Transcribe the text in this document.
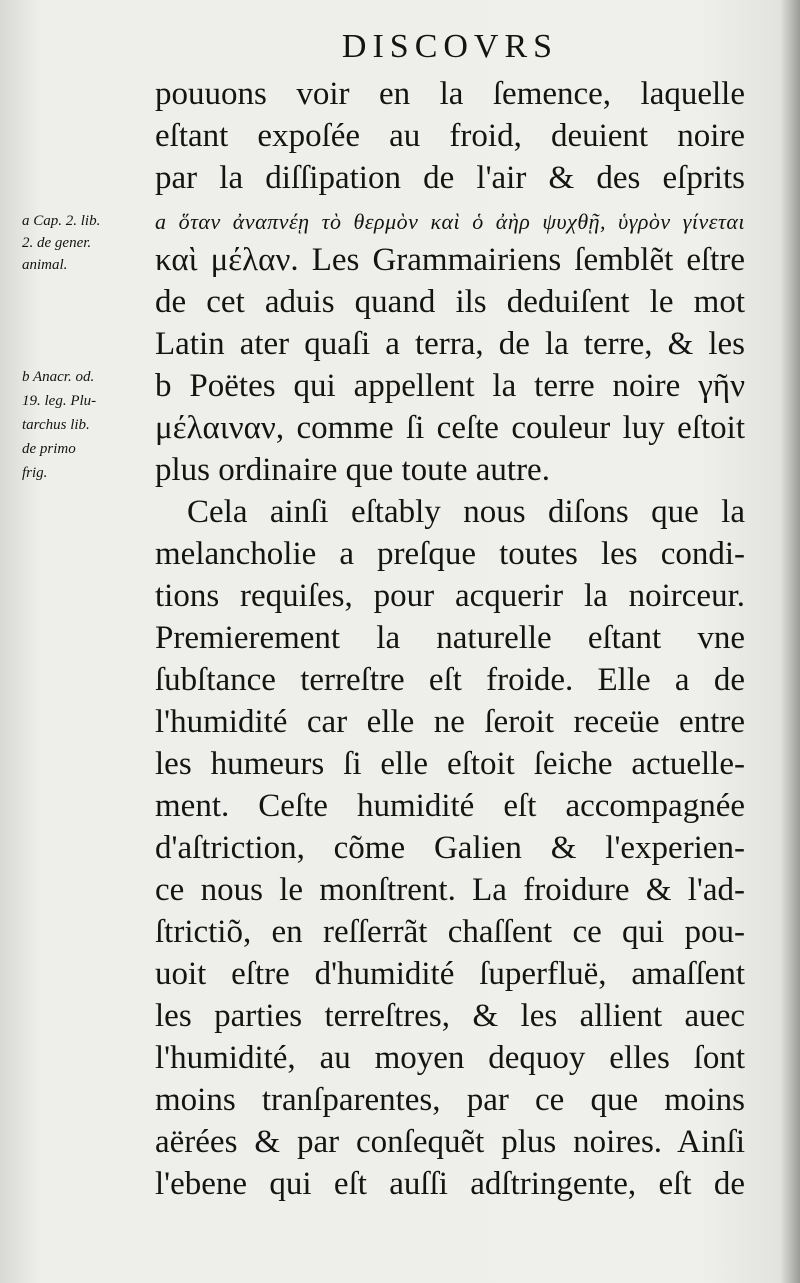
DISCOVRS
pouuons voir en la ſemence, laquelle
eſtant expoſée au froid, deuient noire
par la diſſipation de l'air & des eſprits
a ὅταν ἀναπνέῃ τὸ θερμὸν καὶ ὁ ἀὴρ ψυχθῇ, ὑγρὸν γίνεται
καὶ μέλαν. Les Grammairiens ſemblẽt eſtre
de cet aduis quand ils deduiſent le mot
Latin ater quaſi a terra, de la terre, & les
b Poëtes qui appellent la terre noire γῆν
μέλαιναν, comme ſi ceſte couleur luy eſtoit
plus ordinaire que toute autre.
Cela ainſi eſtably nous diſons que la
melancholie a preſque toutes les condi-
tions requiſes, pour acquerir la noirceur.
Premierement la naturelle eſtant vne
ſubſtance terreſtre eſt froide. Elle a de
l'humidité car elle ne ſeroit receüe entre
les humeurs ſi elle eſtoit ſeiche actuelle-
ment. Ceſte humidité eſt accompagnée
d'aſtriction, cõme Galien & l'experien-
ce nous le monſtrent. La froidure & l'ad-
ſtrictiõ, en reſſerrãt chaſſent ce qui pou-
uoit eſtre d'humidité ſuperfluë, amaſſent
les parties terreſtres, & les allient auec
l'humidité, au moyen dequoy elles ſont
moins tranſparentes, par ce que moins
aërées & par conſequẽt plus noires. Ainſi
l'ebene qui eſt auſſi adſtringente, eſt de
a Cap. 2. lib.
2. de gener.
animal.
b Anacr. od.
19. leg. Plu-
tarchus lib.
de primo
frig.
